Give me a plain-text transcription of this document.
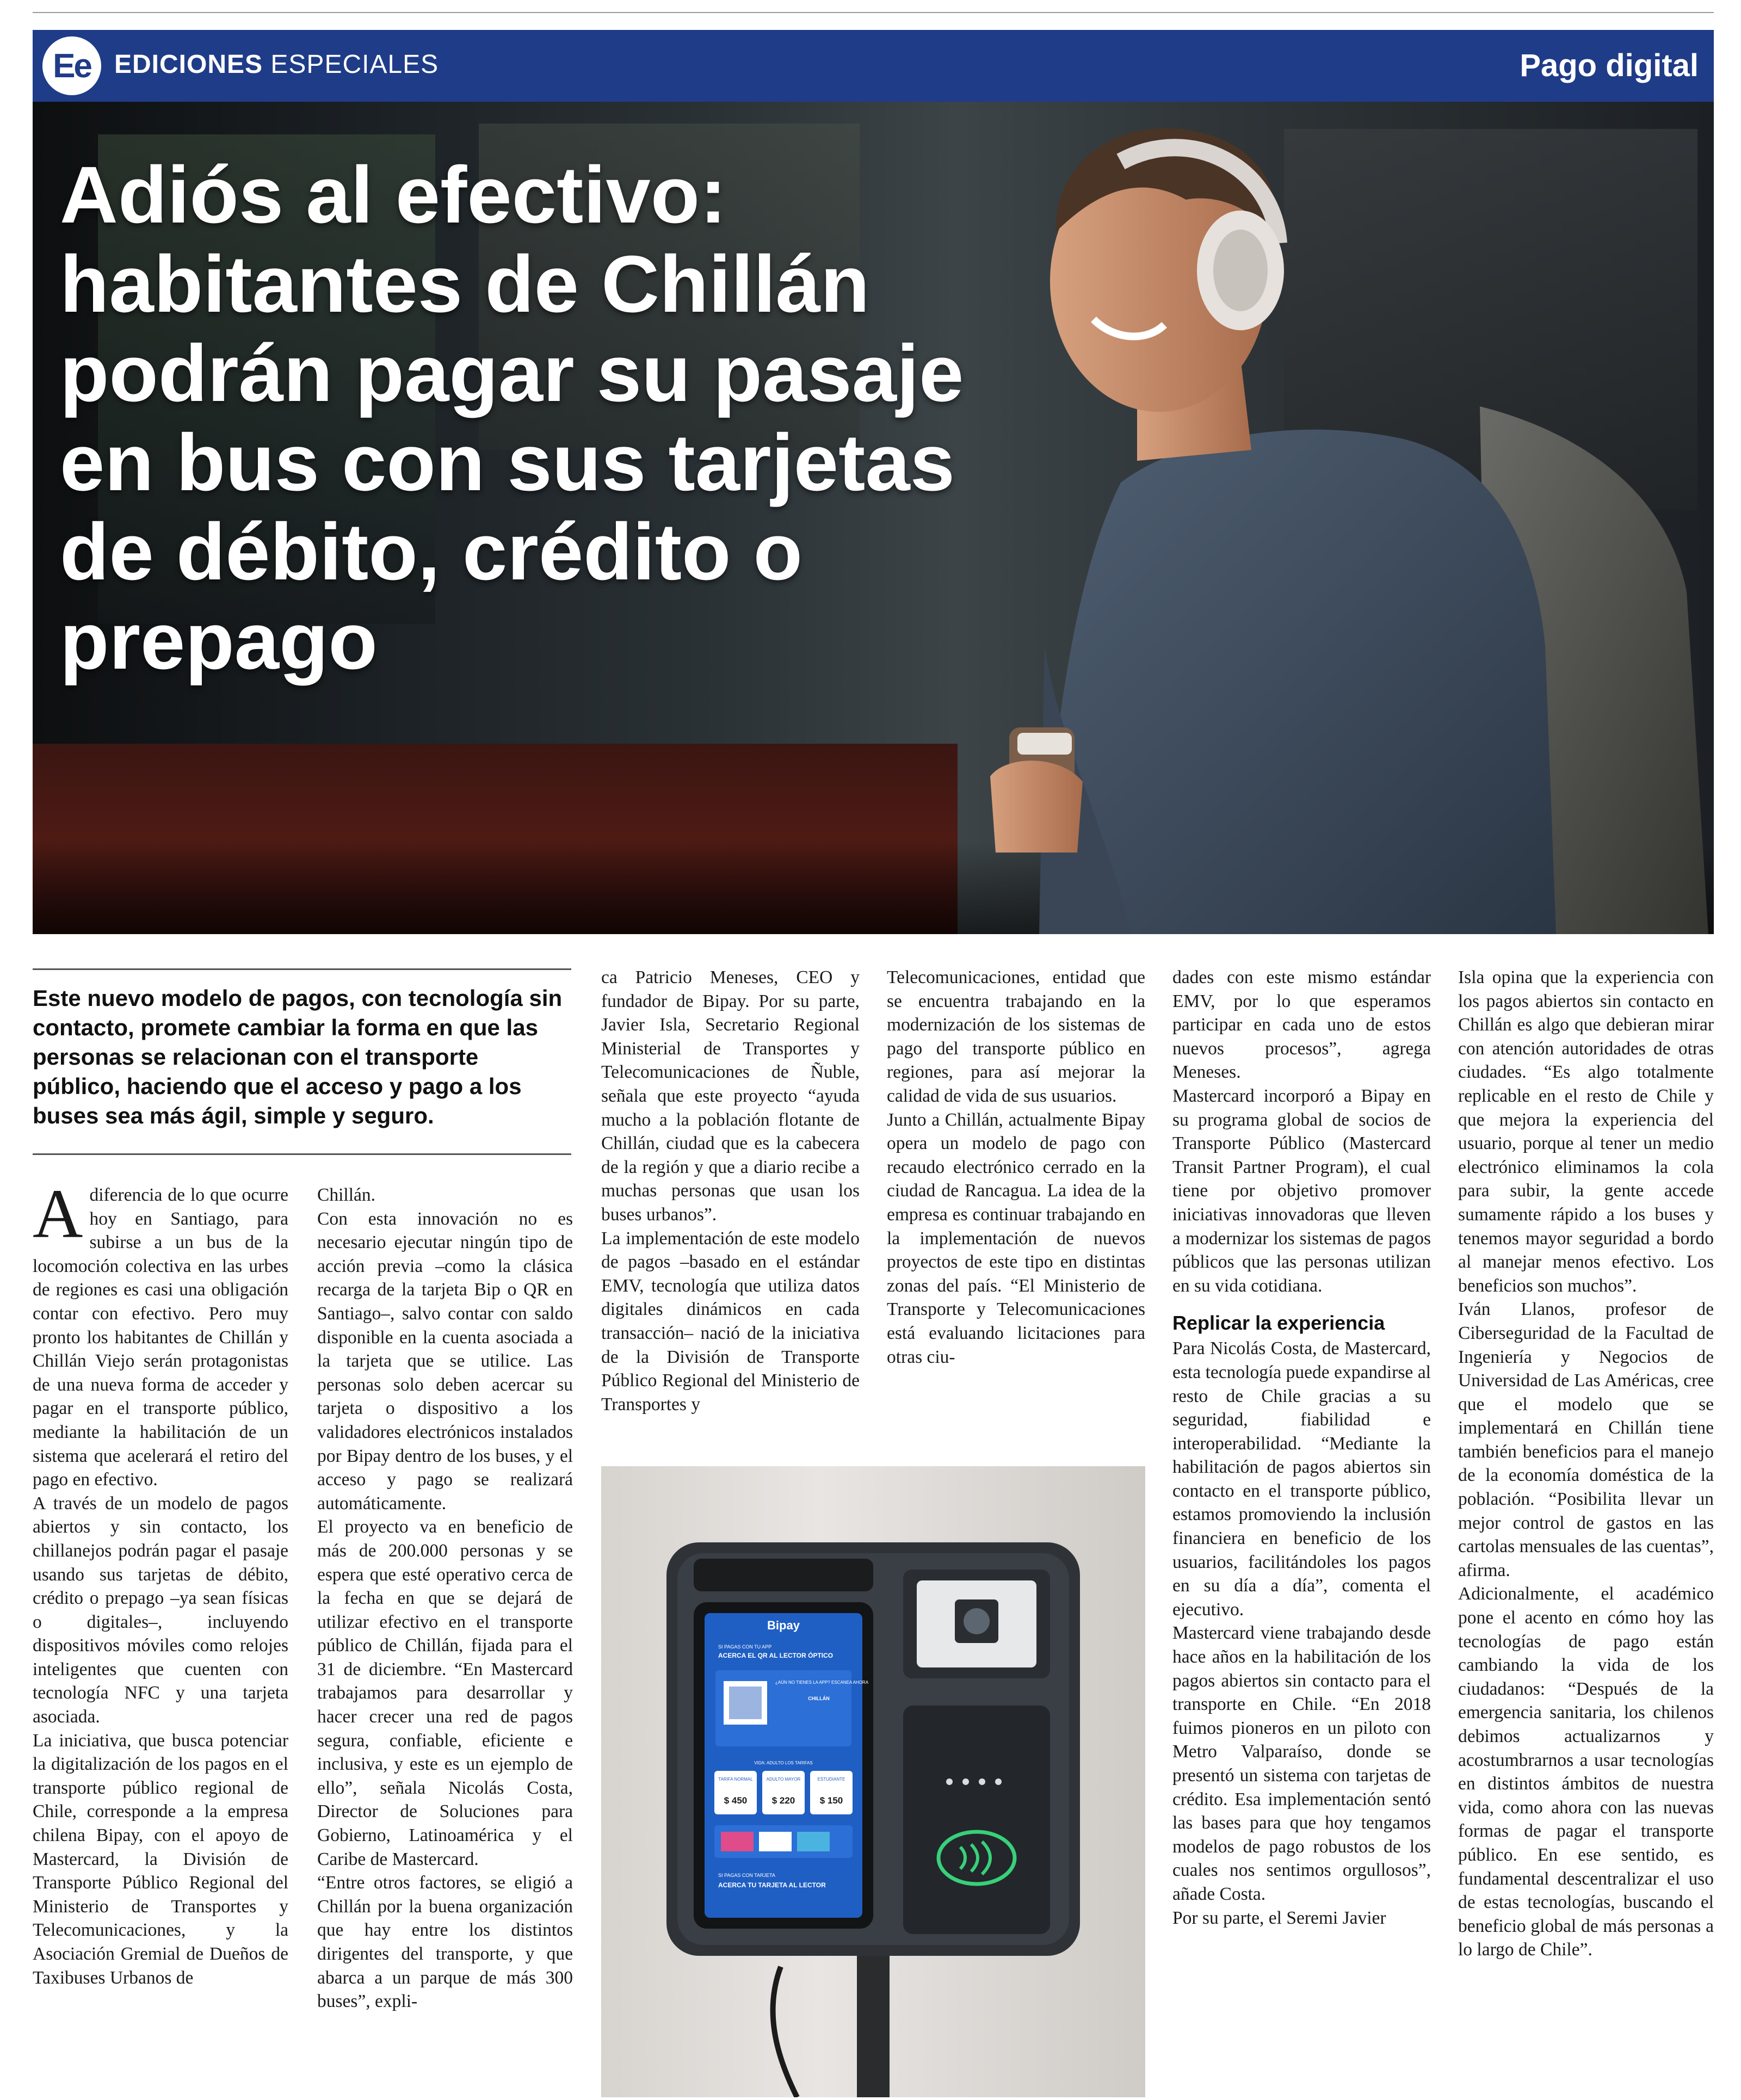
Ee EDICIONES ESPECIALES	Pago digital
Adiós al efectivo: habitantes de Chillán podrán pagar su pasaje en bus con sus tarjetas de débito, crédito o prepago
Este nuevo modelo de pagos, con tecnología sin contacto, promete cambiar la forma en que las personas se relacionan con el transporte público, haciendo que el acceso y pago a los buses sea más ágil, simple y seguro.

Adiferencia de lo que ocurre hoy en Santiago, para subirse a un bus de la locomoción colectiva en las urbes de regiones es casi una obligación contar con efectivo. Pero muy pronto los habitantes de Chillán y Chillán Viejo serán protagonistas de una nueva forma de acceder y pagar en el transporte público, mediante la habilitación de un sistema que acelerará el retiro del pago en efectivo.

A través de un modelo de pagos abiertos y sin contacto, los chillanejos podrán pagar el pasaje usando sus tarjetas de débito, crédito o prepago –ya sean físicas o digitales–, incluyendo dispositivos móviles como relojes inteligentes que cuenten con tecnología NFC y una tarjeta asociada.

La iniciativa, que busca potenciar la digitalización de los pagos en el transporte público regional de Chile, corresponde a la empresa chilena Bipay, con el apoyo de Mastercard, la División de Transporte Público Regional del Ministerio de Transportes y Telecomunicaciones, y la Asociación Gremial de Dueños de Taxibuses Urbanos de

Chillán.

Con esta innovación no es necesario ejecutar ningún tipo de acción previa –como la clásica recarga de la tarjeta Bip o QR en Santiago–, salvo contar con saldo disponible en la cuenta asociada a la tarjeta que se utilice. Las personas solo deben acercar su tarjeta o dispositivo a los validadores electrónicos instalados por Bipay dentro de los buses, y el acceso y pago se realizará automáticamente.

El proyecto va en beneficio de más de 200.000 personas y se espera que esté operativo cerca de la fecha en que se dejará de utilizar efectivo en el transporte público de Chillán, fijada para el 31 de diciembre. “En Mastercard trabajamos para desarrollar y hacer crecer una red de pagos segura, confiable, eficiente e inclusiva, y este es un ejemplo de ello”, señala Nicolás Costa, Director de Soluciones para Gobierno, Latinoamérica y el Caribe de Mastercard.

“Entre otros factores, se eligió a Chillán por la buena organización que hay entre los distintos dirigentes del transporte, y que abarca a un parque de más 300 buses”, expli-

ca Patricio Meneses, CEO y fundador de Bipay. Por su parte, Javier Isla, Secretario Regional Ministerial de Transportes y Telecomunicaciones de Ñuble, señala que este proyecto “ayuda mucho a la población flotante de Chillán, ciudad que es la cabecera de la región y que a diario recibe a muchas personas que usan los buses urbanos”.

La implementación de este modelo de pagos –basado en el estándar EMV, tecnología que utiliza datos digitales dinámicos en cada transacción– nació de la iniciativa de la División de Transporte Público Regional del Ministerio de Transportes y

Telecomunicaciones, entidad que se encuentra trabajando en la modernización de los sistemas de pago del transporte público en regiones, para así mejorar la calidad de vida de sus usuarios.

Junto a Chillán, actualmente Bipay opera un modelo de pago con recaudo electrónico cerrado en la ciudad de Rancagua. La idea de la empresa es continuar trabajando en la implementación de nuevos proyectos de este tipo en distintas zonas del país. “El Ministerio de Transporte y Telecomunicaciones está evaluando licitaciones para otras ciu-

Bipay
SI PAGAS CON TU APP
ACERCA EL QR AL LECTOR ÓPTICO
¿AÚN NO TIENES LA APP? ESCANEA AHORA
CHILLÁN
VIDA: ADULTO LOS TARIFAS
TARIFA NORMAL	ADULTO MAYOR	ESTUDIANTE
$ 450	$ 220	$ 150
SI PAGAS CON TARJETA
ACERCA TU TARJETA AL LECTOR

dades con este mismo estándar EMV, por lo que esperamos participar en cada uno de estos nuevos procesos”, agrega Meneses.

Mastercard incorporó a Bipay en su programa global de socios de Transporte Público (Mastercard Transit Partner Program), el cual tiene por objetivo promover iniciativas innovadoras que lleven a modernizar los sistemas de pagos públicos que las personas utilizan en su vida cotidiana.

Replicar la experiencia

Para Nicolás Costa, de Mastercard, esta tecnología puede expandirse al resto de Chile gracias a su seguridad, fiabilidad e interoperabilidad. “Mediante la habilitación de pagos abiertos sin contacto en el transporte público, estamos promoviendo la inclusión financiera en beneficio de los usuarios, facilitándoles los pagos en su día a día”, comenta el ejecutivo.

Mastercard viene trabajando desde hace años en la habilitación de los pagos abiertos sin contacto para el transporte en Chile. “En 2018 fuimos pioneros en un piloto con Metro Valparaíso, donde se presentó un sistema con tarjetas de crédito. Esa implementación sentó las bases para que hoy tengamos modelos de pago robustos de los cuales nos sentimos orgullosos”, añade Costa.

Por su parte, el Seremi Javier

Isla opina que la experiencia con los pagos abiertos sin contacto en Chillán es algo que debieran mirar con atención autoridades de otras ciudades. “Es algo totalmente replicable en el resto de Chile y que mejora la experiencia del usuario, porque al tener un medio electrónico eliminamos la cola para subir, la gente accede sumamente rápido a los buses y tenemos mayor seguridad a bordo al manejar menos efectivo. Los beneficios son muchos”.

Iván Llanos, profesor de Ciberseguridad de la Facultad de Ingeniería y Negocios de Universidad de Las Américas, cree que el modelo que se implementará en Chillán tiene también beneficios para el manejo de la economía doméstica de la población. “Posibilita llevar un mejor control de gastos en las cartolas mensuales de las cuentas”, afirma.

Adicionalmente, el académico pone el acento en cómo hoy las tecnologías de pago están cambiando la vida de los ciudadanos: “Después de la emergencia sanitaria, los chilenos debimos actualizarnos y acostumbrarnos a usar tecnologías en distintos ámbitos de nuestra vida, como ahora con las nuevas formas de pagar el transporte público. En ese sentido, es fundamental descentralizar el uso de estas tecnologías, buscando el beneficio global de más personas a lo largo de Chile”.
